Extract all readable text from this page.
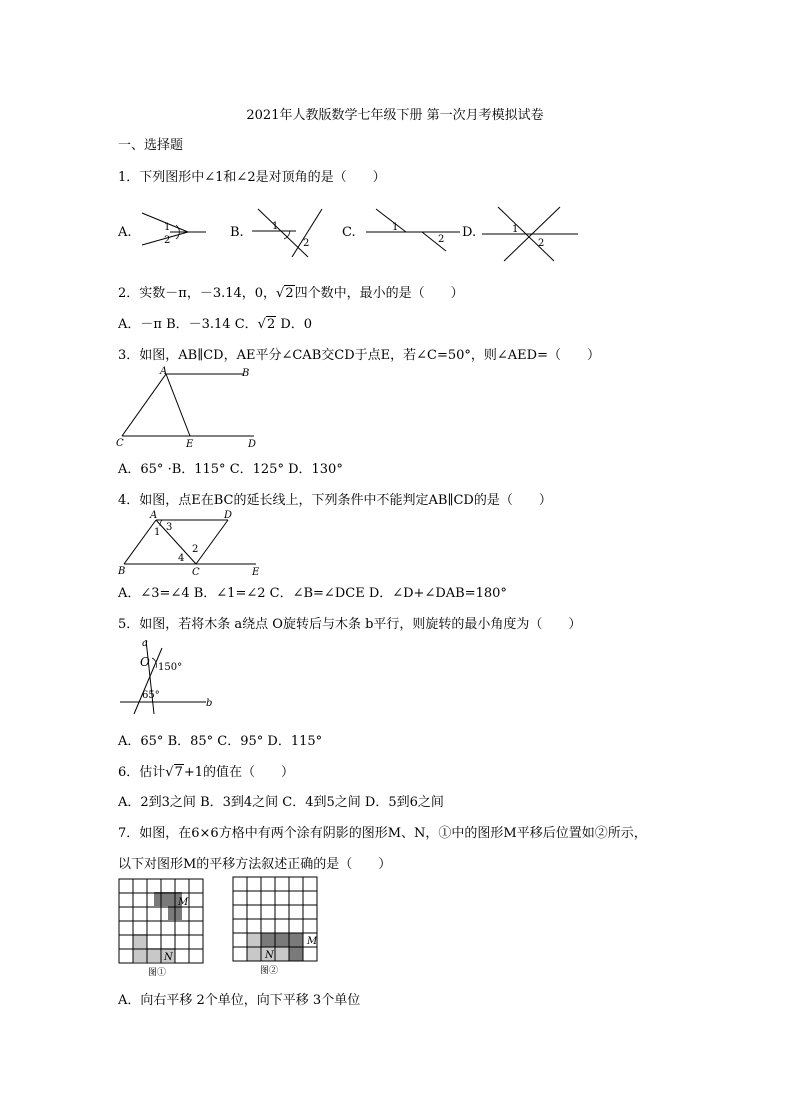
2021年人教版数学七年级下册 第一次月考模拟试卷
一、选择题
1．下列图形中∠1和∠2是对顶角的是（　　）
A.	1
2
B.	1
2
C.	1
2 D.	1
2
2．实数－π，－3.14，0，√2四个数中，最小的是（　　）
A．－π B．－3.14 C．√2 D．0
3．如图，AB∥CD，AE平分∠CAB交CD于点E，若∠C=50°，则∠AED=（　　）
A	B
C	E	D
A．65° ·B．115° C．125° D．130°
4．如图，点E在BC的延长线上，下列条件中不能判定AB∥CD的是（　　）
A	D
B	C	E
1 3
4
2
A．∠3=∠4 B．∠1=∠2 C．∠B=∠DCE D．∠D+∠DAB=180°
5．如图，若将木条 a绕点 O旋转后与木条 b平行，则旋转的最小角度为（　　）
a
O 150°
65°
b
A．65° B．85° C．95° D．115°
6．估计√7+1的值在（　　）
A．2到3之间 B．3到4之间 C．4到5之间 D．5到6之间
7．如图，在6×6方格中有两个涂有阴影的图形M、N，①中的图形M平移后位置如②所示，
以下对图形M的平移方法叙述正确的是（　　）
M
N
图①
M
N
图②
A．向右平移 2个单位，向下平移 3个单位
